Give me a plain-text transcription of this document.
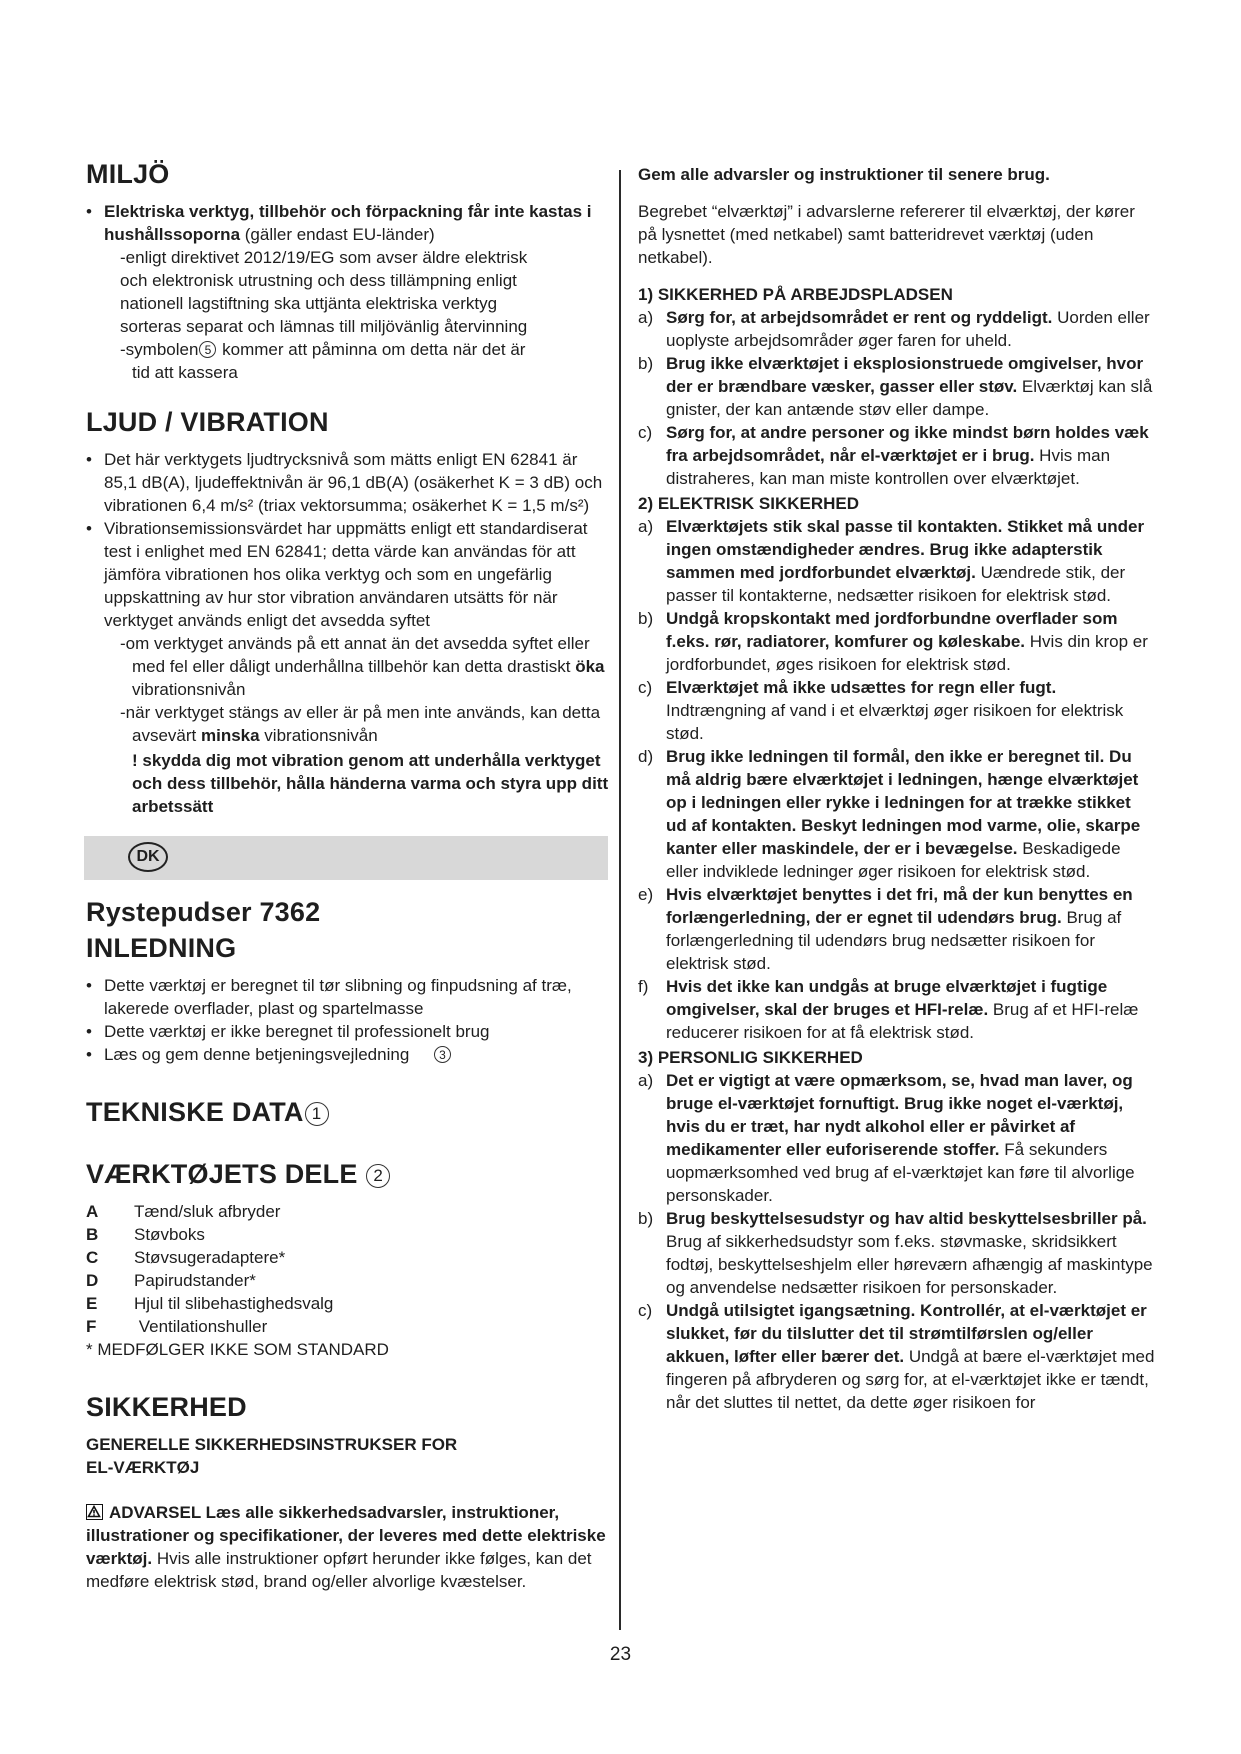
MILJÖ
• Elektriska verktyg, tillbehör och förpackning får inte kastas i hushållssoporna (gäller endast EU-länder)
-enligt direktivet 2012/19/EG som avser äldre elektrisk
och elektronisk utrustning och dess tillämpning enligt
nationell lagstiftning ska uttjänta elektriska verktyg
sorteras separat och lämnas till miljövänlig återvinning
-symbolen 5 kommer att påminna om detta när det är
tid att kassera
LJUD / VIBRATION
• Det här verktygets ljudtrycksnivå som mätts enligt EN 62841 är 85,1 dB(A), ljudeffektnivån är 96,1 dB(A) (osäkerhet K = 3 dB) och vibrationen 6,4 m/s² (triax vektorsumma; osäkerhet K = 1,5 m/s²)
• Vibrationsemissionsvärdet har uppmätts enligt ett standardiserat test i enlighet med EN 62841; detta värde kan användas för att jämföra vibrationen hos olika verktyg och som en ungefärlig uppskattning av hur stor vibration användaren utsätts för när verktyget används enligt det avsedda syftet
-om verktyget används på ett annat än det avsedda syftet eller med fel eller dåligt underhållna tillbehör kan detta drastiskt öka vibrationsnivån
-när verktyget stängs av eller är på men inte används, kan detta avsevärt minska vibrationsnivån
! skydda dig mot vibration genom att underhålla verktyget och dess tillbehör, hålla händerna varma och styra upp ditt arbetssätt
DK
Rystepudser 7362
INLEDNING
• Dette værktøj er beregnet til tør slibning og finpudsning af træ, lakerede overflader, plast og spartelmasse
• Dette værktøj er ikke beregnet til professionelt brug
• Læs og gem denne betjeningsvejledning 3
TEKNISKE DATA 1
VÆRKTØJETS DELE 2
A	Tænd/sluk afbryder
B	Støvboks
C	Støvsugeradaptere*
D	Papirudstander*
E	Hjul til slibehastighedsvalg
F	Ventilationshuller
* MEDFØLGER IKKE SOM STANDARD
SIKKERHED
GENERELLE SIKKERHEDSINSTRUKSER FOR
EL-VÆRKTØJ
ADVARSEL Læs alle sikkerhedsadvarsler, instruktioner, illustrationer og specifikationer, der leveres med dette elektriske værktøj. Hvis alle instruktioner opført herunder ikke følges, kan det medføre elektrisk stød, brand og/eller alvorlige kvæstelser.
Gem alle advarsler og instruktioner til senere brug.
Begrebet “elværktøj” i advarslerne refererer til elværktøj, der kører på lysnettet (med netkabel) samt batteridrevet værktøj (uden netkabel).
1) SIKKERHED PÅ ARBEJDSPLADSEN
a) Sørg for, at arbejdsområdet er rent og ryddeligt. Uorden eller uoplyste arbejdsområder øger faren for uheld.
b) Brug ikke elværktøjet i eksplosionstruede omgivelser, hvor der er brændbare væsker, gasser eller støv. Elværktøj kan slå gnister, der kan antænde støv eller dampe.
c) Sørg for, at andre personer og ikke mindst børn holdes væk fra arbejdsområdet, når el-værktøjet er i brug. Hvis man distraheres, kan man miste kontrollen over elværktøjet.
2) ELEKTRISK SIKKERHED
a) Elværktøjets stik skal passe til kontakten. Stikket må under ingen omstændigheder ændres. Brug ikke adapterstik sammen med jordforbundet elværktøj. Uændrede stik, der passer til kontakterne, nedsætter risikoen for elektrisk stød.
b) Undgå kropskontakt med jordforbundne overflader som f.eks. rør, radiatorer, komfurer og køleskabe. Hvis din krop er jordforbundet, øges risikoen for elektrisk stød.
c) Elværktøjet må ikke udsættes for regn eller fugt. Indtrængning af vand i et elværktøj øger risikoen for elektrisk stød.
d) Brug ikke ledningen til formål, den ikke er beregnet til. Du må aldrig bære elværktøjet i ledningen, hænge elværktøjet op i ledningen eller rykke i ledningen for at trække stikket ud af kontakten. Beskyt ledningen mod varme, olie, skarpe kanter eller maskindele, der er i bevægelse. Beskadigede eller indviklede ledninger øger risikoen for elektrisk stød.
e) Hvis elværktøjet benyttes i det fri, må der kun benyttes en forlængerledning, der er egnet til udendørs brug. Brug af forlængerledning til udendørs brug nedsætter risikoen for elektrisk stød.
f) Hvis det ikke kan undgås at bruge elværktøjet i fugtige omgivelser, skal der bruges et HFI-relæ. Brug af et HFI-relæ reducerer risikoen for at få elektrisk stød.
3) PERSONLIG SIKKERHED
a) Det er vigtigt at være opmærksom, se, hvad man laver, og bruge el-værktøjet fornuftigt. Brug ikke noget el-værktøj, hvis du er træt, har nydt alkohol eller er påvirket af medikamenter eller euforiserende stoffer. Få sekunders uopmærksomhed ved brug af el-værktøjet kan føre til alvorlige personskader.
b) Brug beskyttelsesudstyr og hav altid beskyttelsesbriller på. Brug af sikkerhedsudstyr som f.eks. støvmaske, skridsikkert fodtøj, beskyttelseshjelm eller høreværn afhængig af maskintype og anvendelse nedsætter risikoen for personskader.
c) Undgå utilsigtet igangsætning. Kontrollér, at el-værktøjet er slukket, før du tilslutter det til strømtilførslen og/eller akkuen, løfter eller bærer det. Undgå at bære el-værktøjet med fingeren på afbryderen og sørg for, at el-værktøjet ikke er tændt, når det sluttes til nettet, da dette øger risikoen for
23
